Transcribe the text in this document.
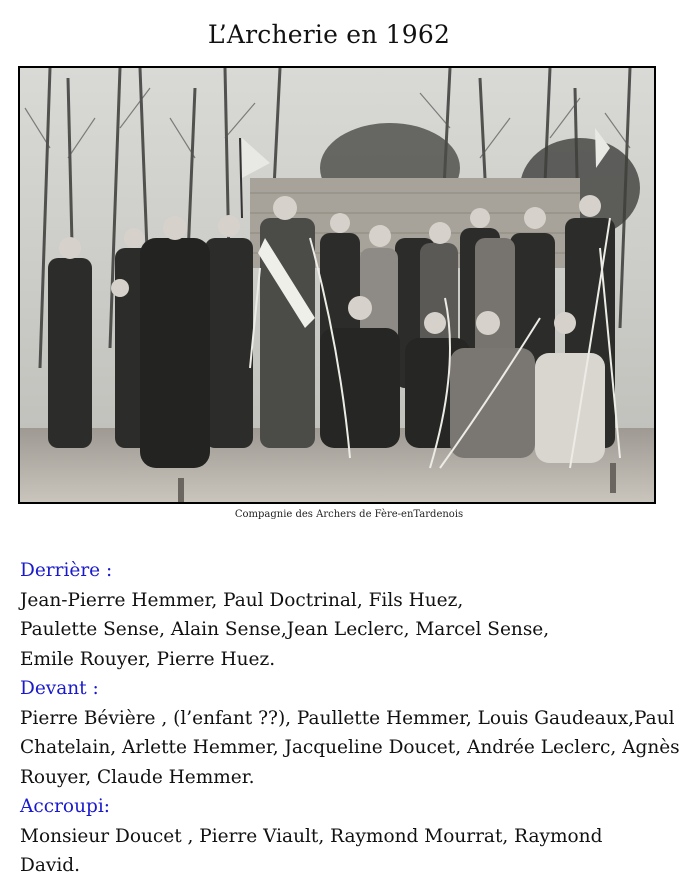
L’Archerie en 1962
Compagnie des Archers de Fère-enTardenois
Derrière :
Jean-Pierre Hemmer, Paul Doctrinal, Fils Huez,
Paulette Sense, Alain Sense,Jean Leclerc, Marcel Sense,
Emile Rouyer, Pierre Huez.
Devant :
Pierre Bévière , (l’enfant ??), Paullette Hemmer, Louis Gaudeaux,Paul
Chatelain, Arlette Hemmer, Jacqueline Doucet, Andrée Leclerc, Agnès
Rouyer, Claude Hemmer.
Accroupi:
Monsieur Doucet , Pierre Viault, Raymond Mourrat, Raymond
David.
